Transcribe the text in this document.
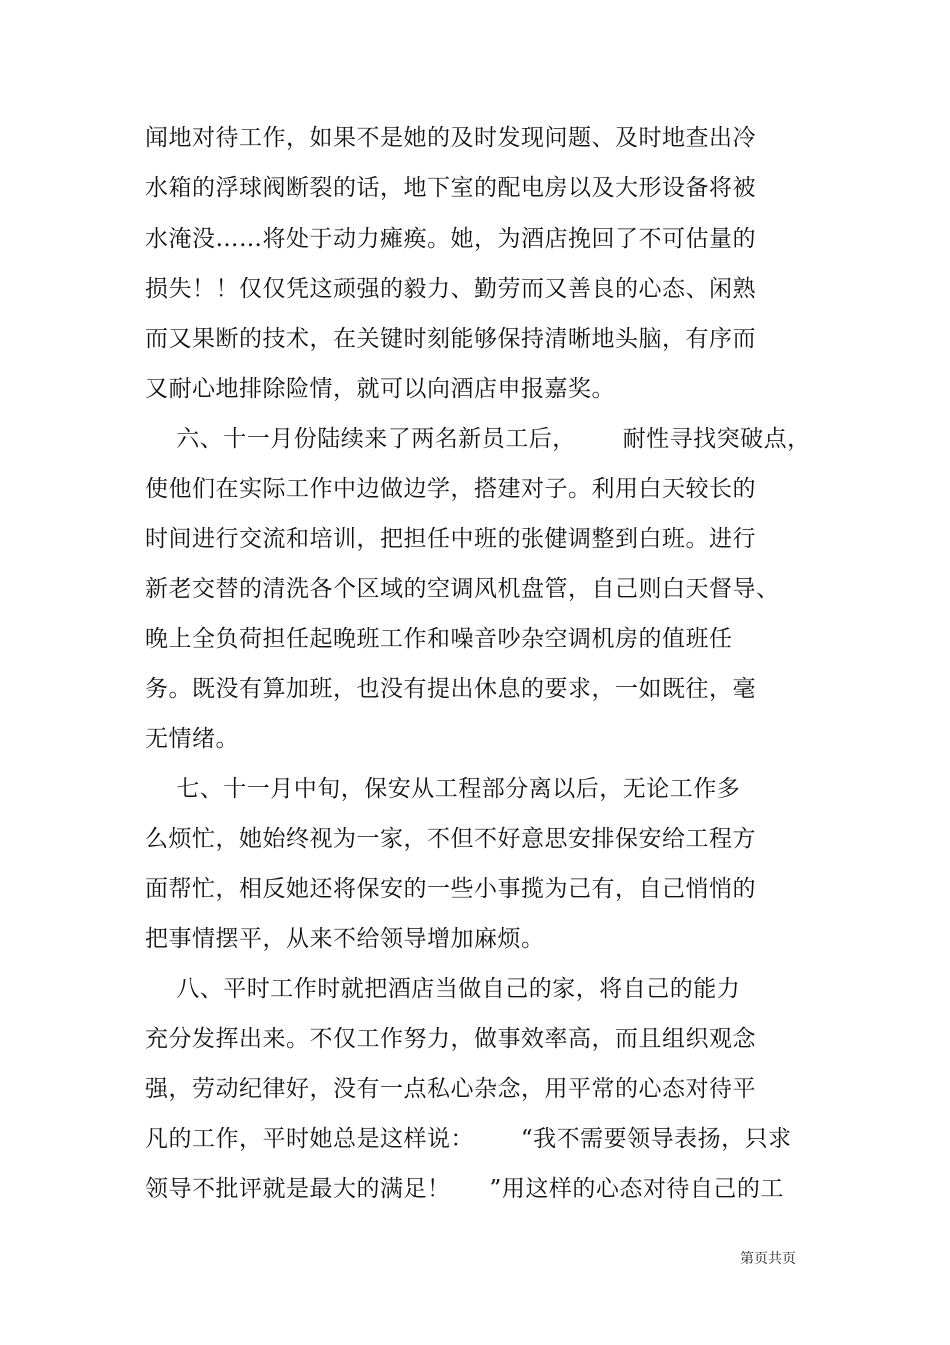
闻地对待工作，如果不是她的及时发现问题、及时地查出冷
水箱的浮球阀断裂的话，地下室的配电房以及大形设备将被
水淹没……将处于动力瘫痪。她，为酒店挽回了不可估量的
损失！！仅仅凭这顽强的毅力、勤劳而又善良的心态、闲熟
而又果断的技术，在关键时刻能够保持清晰地头脑，有序而
又耐心地排除险情，就可以向酒店申报嘉奖。
六、十一月份陆续来了两名新员工后，      耐性寻找突破点，
使他们在实际工作中边做边学，搭建对子。利用白天较长的
时间进行交流和培训，把担任中班的张健调整到白班。进行
新老交替的清洗各个区域的空调风机盘管，自己则白天督导、
晚上全负荷担任起晚班工作和噪音吵杂空调机房的值班任
务。既没有算加班，也没有提出休息的要求，一如既往，毫
无情绪。
七、十一月中旬，保安从工程部分离以后，无论工作多
么烦忙，她始终视为一家，不但不好意思安排保安给工程方
面帮忙，相反她还将保安的一些小事揽为己有，自己悄悄的
把事情摆平，从来不给领导增加麻烦。
八、平时工作时就把酒店当做自己的家，将自己的能力
充分发挥出来。不仅工作努力，做事效率高，而且组织观念
强，劳动纪律好，没有一点私心杂念，用平常的心态对待平
凡的工作，平时她总是这样说：      “我不需要领导表扬，只求
领导不批评就是最大的满足！     ”用这样的心态对待自己的工
第页共页
